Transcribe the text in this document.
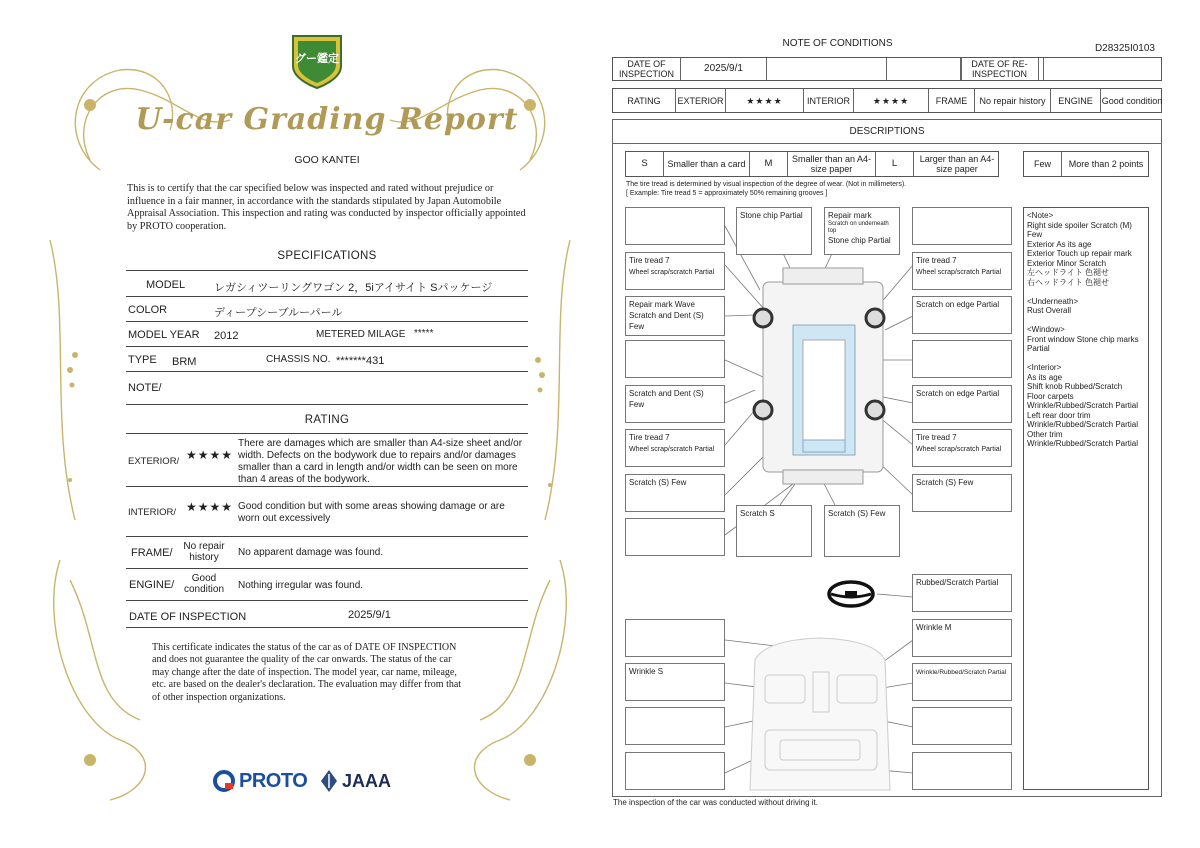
グー鑑定
U-car Grading Report
GOO KANTEI
This is to certify that the car specified below was inspected and rated without prejudice or influence in a fair manner, in accordance with the standards stipulated by Japan Automobile Appraisal Association. This inspection and rating was conducted by inspector officially appointed by PROTO cooperation.
SPECIFICATIONS
MODEL	レガシィツーリングワゴン 2，5iアイサイト Sパッケージ
COLOR	ディープシーブルーパール
MODEL YEAR 2012	METERED MILAGE *****
TYPE BRM	CHASSIS NO. *******431
NOTE/
RATING
EXTERIOR/ ★★★★
There are damages which are smaller than A4-size sheet and/or width. Defects on the bodywork due to repairs and/or damages smaller than a card in length and/or width can be seen on more than 4 areas of the bodywork.
INTERIOR/ ★★★★ Good condition but with some areas showing damage or are worn out excessively
FRAME/
No repair history	No apparent damage was found.
ENGINE/
Good condition	Nothing irregular was found.
DATE OF INSPECTION	2025/9/1
This certificate indicates the status of the car as of DATE OF INSPECTION and does not guarantee the quality of the car onwards. The status of the car may change after the date of inspection. The model year, car name, mileage, etc. are based on the dealer's declaration. The evaluation may differ from that of other inspection organizations.
PROTO JAAA
NOTE OF CONDITIONS	D28325I0103
DATE OF INSPECTION	2025/9/1	DATE OF RE-INSPECTION
RATING	EXTERIOR	★★★★	INTERIOR	★★★★	FRAME	No repair history	ENGINE Good condition
DESCRIPTIONS
S	Smaller than a card	M	Smaller than an A4-size paper	L	Larger than an A4-size paper	Few	More than 2 points
The tire tread is determined by visual inspection of the degree of wear. (Not in millimeters).
[ Example: Tire tread 5 = approximately 50% remaining grooves ]
Stone chip Partial	Repair mark
Scratch on underneath top
Stone chip Partial
Tire tread 7
Wheel scrap/scratch Partial
Tire tread 7
Wheel scrap/scratch Partial
Repair mark Wave
Scratch and Dent (S) Few
Scratch on edge Partial
Scratch and Dent (S) Few
Scratch on edge Partial
Tire tread 7
Wheel scrap/scratch Partial
Tire tread 7
Wheel scrap/scratch Partial
Scratch (S) Few	Scratch (S) Few
Scratch S	Scratch (S) Few
Rubbed/Scratch Partial
Wrinkle M
Wrinkle S	Wrinkle/Rubbed/Scratch Partial
<Note>
Right side spoiler Scratch (M) Few
Exterior As its age
Exterior Touch up repair mark
Exterior Minor Scratch
左ヘッドライト 色褪せ
右ヘッドライト 色褪せ

<Underneath>
Rust Overall

<Window>
Front window Stone chip marks Partial

<Interior>
As its age
Shift knob Rubbed/Scratch
Floor carpets Wrinkle/Rubbed/Scratch Partial
Left rear door trim Wrinkle/Rubbed/Scratch Partial
Other trim Wrinkle/Rubbed/Scratch Partial
The inspection of the car was conducted without driving it.
